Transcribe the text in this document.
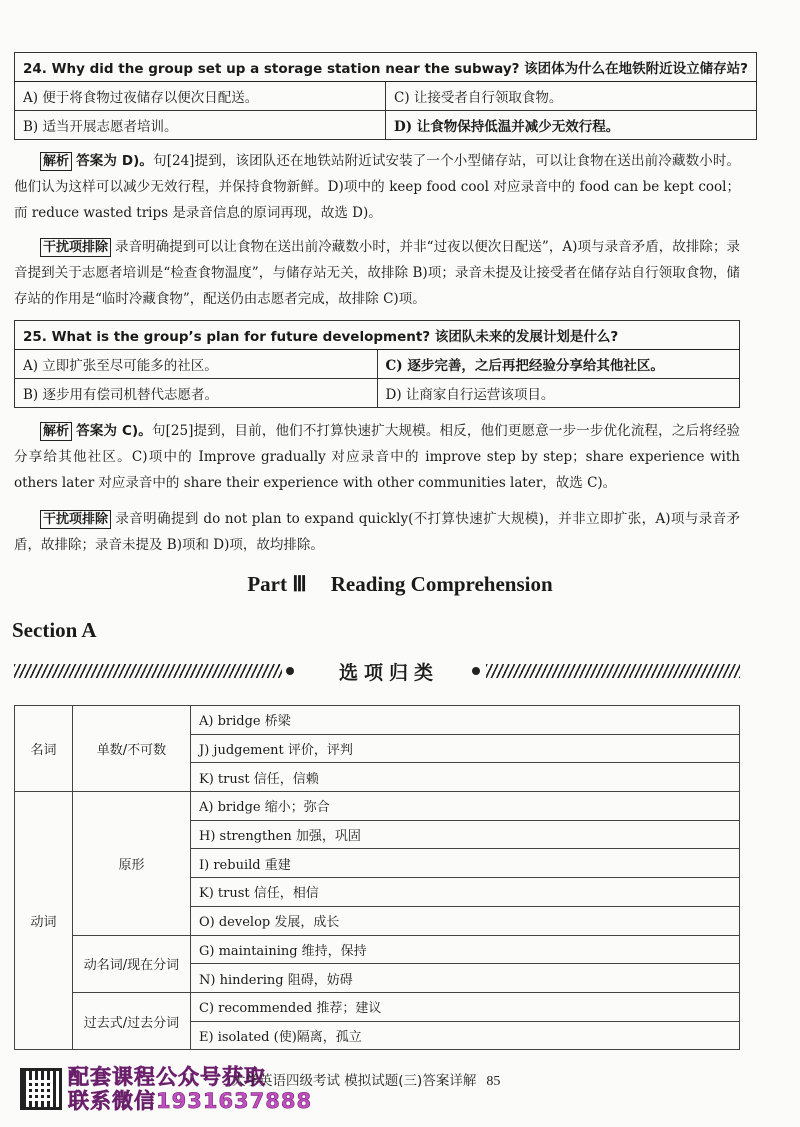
24. Why did the group set up a storage station near the subway? 该团体为什么在地铁附近设立储存站?	
A) 便于将食物过夜储存以便次日配送。	C) 让接受者自行领取食物。
B) 适当开展志愿者培训。	D) 让食物保持低温并减少无效行程。
解析 答案为 D)。句[24]提到，该团队还在地铁站附近试安装了一个小型储存站，可以让食物在送出前冷藏数小时。他们认为这样可以减少无效行程，并保持食物新鲜。D)项中的 keep food cool 对应录音中的 food can be kept cool；而 reduce wasted trips 是录音信息的原词再现，故选 D)。
干扰项排除 录音明确提到可以让食物在送出前冷藏数小时，并非“过夜以便次日配送”，A)项与录音矛盾，故排除；录音提到关于志愿者培训是“检查食物温度”，与储存站无关，故排除 B)项；录音未提及让接受者在储存站自行领取食物，储存站的作用是“临时冷藏食物”，配送仍由志愿者完成，故排除 C)项。
25. What is the group’s plan for future development? 该团队未来的发展计划是什么?	
A) 立即扩张至尽可能多的社区。	C) 逐步完善，之后再把经验分享给其他社区。
B) 逐步用有偿司机替代志愿者。	D) 让商家自行运营该项目。
解析 答案为 C)。句[25]提到，目前，他们不打算快速扩大规模。相反，他们更愿意一步一步优化流程，之后将经验分享给其他社区。C)项中的 Improve gradually 对应录音中的 improve step by step；share experience with others later 对应录音中的 share their experience with other communities later，故选 C)。
干扰项排除 录音明确提到 do not plan to expand quickly(不打算快速扩大规模)，并非立即扩张，A)项与录音矛盾，故排除；录音未提及 B)项和 D)项，故均排除。
Part Ⅲ Reading Comprehension
Section A
选项归类
名词	单数/不可数	A) bridge 桥梁
		J) judgement 评价，评判
		K) trust 信任，信赖
动词	原形	A) bridge 缩小；弥合
		H) strengthen 加强，巩固
		I) rebuild 重建
		K) trust 信任，相信
		O) develop 发展，成长
	动名词/现在分词	G) maintaining 维持，保持
		N) hindering 阻碍，妨碍
	过去式/过去分词	C) recommended 推荐；建议
		E) isolated (使)隔离，孤立
配套课程公众号获取
联系微信1931637888
大学英语四级考试 模拟试题(三)答案详解 85
